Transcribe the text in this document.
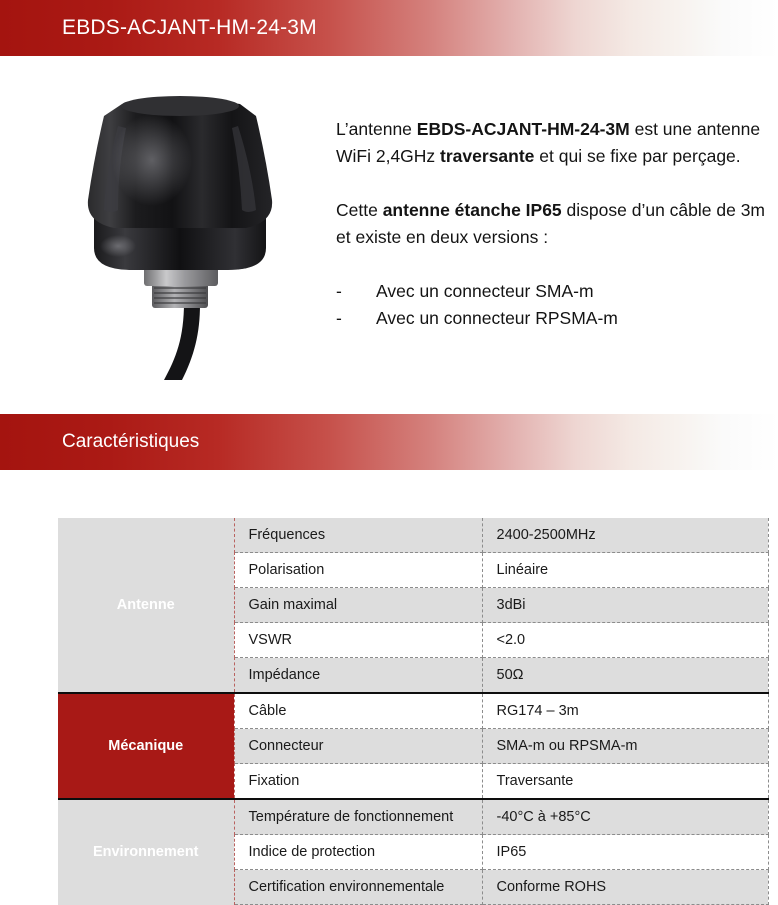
EBDS-ACJANT-HM-24-3M

L’antenne EBDS-ACJANT-HM-24-3M est une antenne WiFi 2,4GHz traversante et qui se fixe par perçage.

Cette antenne étanche IP65 dispose d’un câble de 3m et existe en deux versions :

-	Avec un connecteur SMA-m
-	Avec un connecteur RPSMA-m
Caractéristiques
Antenne	Fréquences	2400-2500MHz
	Polarisation	Linéaire
	Gain maximal	3dBi
	VSWR	<2.0
	Impédance	50Ω
Mécanique	Câble	RG174 – 3m
	Connecteur	SMA-m ou RPSMA-m
	Fixation	Traversante
Environnement	Température de fonctionnement	-40°C à +85°C
	Indice de protection	IP65
	Certification environnementale	Conforme ROHS
